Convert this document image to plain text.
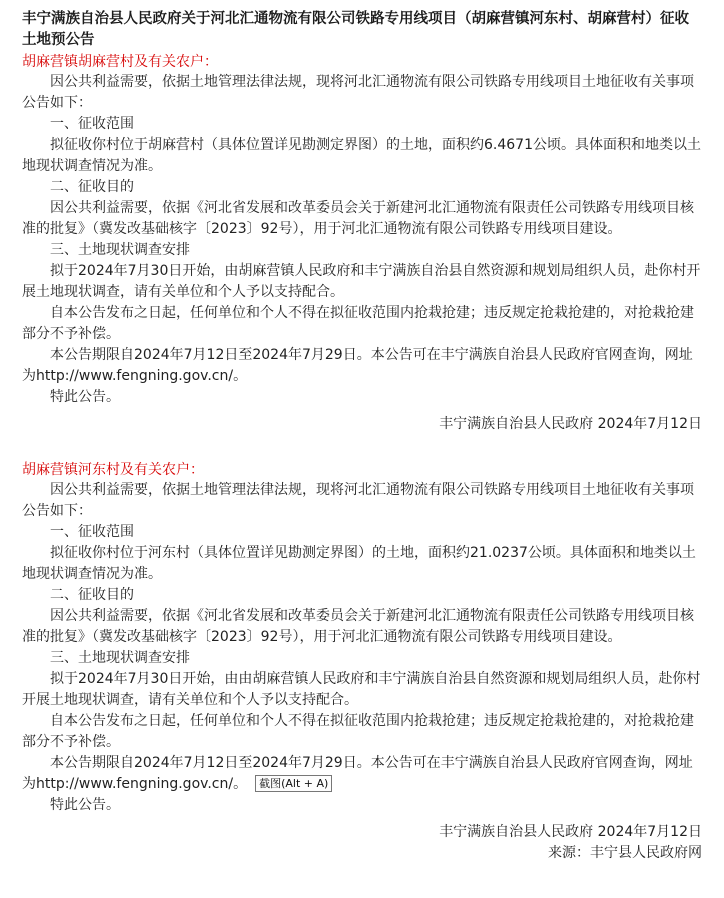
丰宁满族自治县人民政府关于河北汇通物流有限公司铁路专用线项目（胡麻营镇河东村、胡麻营村）征收土地预公告

胡麻营镇胡麻营村及有关农户：

因公共利益需要，依据土地管理法律法规，现将河北汇通物流有限公司铁路专用线项目土地征收有关事项公告如下：

一、征收范围

拟征收你村位于胡麻营村（具体位置详见勘测定界图）的土地，面积约6.4671公顷。具体面积和地类以土地现状调查情况为准。

二、征收目的

因公共利益需要，依据《河北省发展和改革委员会关于新建河北汇通物流有限责任公司铁路专用线项目核准的批复》（冀发改基础核字〔2023〕92号），用于河北汇通物流有限公司铁路专用线项目建设。

三、土地现状调查安排

拟于2024年7月30日开始，由胡麻营镇人民政府和丰宁满族自治县自然资源和规划局组织人员，赴你村开展土地现状调查，请有关单位和个人予以支持配合。

自本公告发布之日起，任何单位和个人不得在拟征收范围内抢栽抢建；违反规定抢栽抢建的，对抢栽抢建部分不予补偿。

本公告期限自2024年7月12日至2024年7月29日。本公告可在丰宁满族自治县人民政府官网查询，网址为http://www.fengning.gov.cn/。

特此公告。

丰宁满族自治县人民政府 2024年7月12日

胡麻营镇河东村及有关农户：

因公共利益需要，依据土地管理法律法规，现将河北汇通物流有限公司铁路专用线项目土地征收有关事项公告如下：

一、征收范围

拟征收你村位于河东村（具体位置详见勘测定界图）的土地，面积约21.0237公顷。具体面积和地类以土地现状调查情况为准。

二、征收目的

因公共利益需要，依据《河北省发展和改革委员会关于新建河北汇通物流有限责任公司铁路专用线项目核准的批复》（冀发改基础核字〔2023〕92号），用于河北汇通物流有限公司铁路专用线项目建设。

三、土地现状调查安排

拟于2024年7月30日开始，由由胡麻营镇人民政府和丰宁满族自治县自然资源和规划局组织人员，赴你村开展土地现状调查，请有关单位和个人予以支持配合。

自本公告发布之日起，任何单位和个人不得在拟征收范围内抢栽抢建；违反规定抢栽抢建的，对抢栽抢建部分不予补偿。

本公告期限自2024年7月12日至2024年7月29日。本公告可在丰宁满族自治县人民政府官网查询，网址为http://www.fengning.gov.cn/。 截图(Alt + A)

特此公告。

丰宁满族自治县人民政府 2024年7月12日

来源：丰宁县人民政府网
